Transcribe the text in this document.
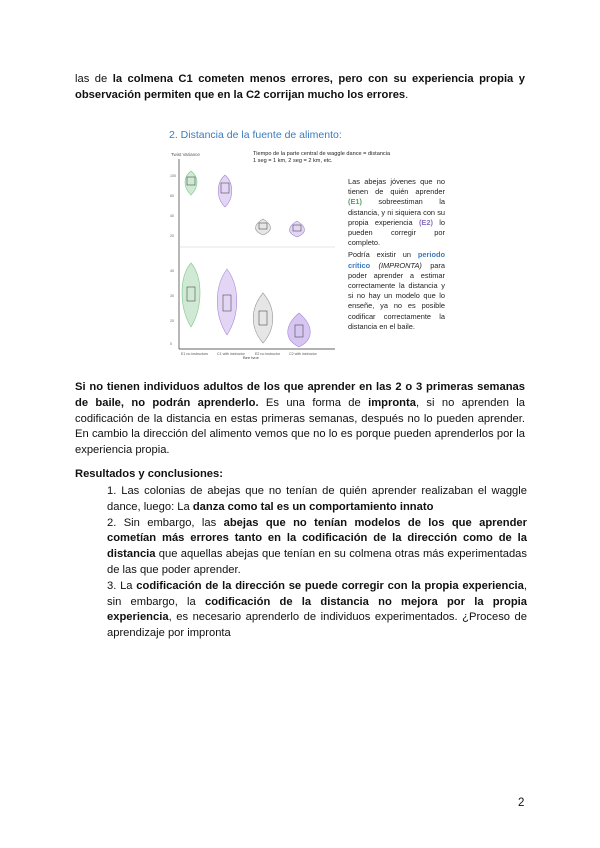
las de la colmena C1 cometen menos errores, pero con su experiencia propia y observación permiten que en la C2 corrijan mucho los errores.
2. Distancia de la fuente de alimento:
Tiempo de la parte central de waggle dance = distancia
1 seg = 1 km, 2 seg = 2 km, etc.
Twist Variance
100
60
40
20
40
30
20
0
E1 no instructors	C1 with instructor	E2 no instructor C2 with instructor
Bee type
Las abejas jóvenes que no tienen de quién aprender (E1) sobreestiman la distancia, y ni siquiera con su propia experiencia (E2) lo pueden corregir por completo.
Podría existir un periodo crítico (IMPRONTA) para poder aprender a estimar correctamente la distancia y si no hay un modelo que lo enseñe, ya no es posible codificar correctamente la distancia en el baile.
Si no tienen individuos adultos de los que aprender en las 2 o 3 primeras semanas de baile, no podrán aprenderlo. Es una forma de impronta, si no aprenden la codificación de la distancia en estas primeras semanas, después no lo pueden aprender. En cambio la dirección del alimento vemos que no lo es porque pueden aprenderlos por la experiencia propia.
Resultados y conclusiones:

1. Las colonias de abejas que no tenían de quién aprender realizaban el waggle dance, luego: La danza como tal es un comportamiento innato

2. Sin embargo, las abejas que no tenían modelos de los que aprender cometían más errores tanto en la codificación de la dirección como de la distancia que aquellas abejas que tenían en su colmena otras más experimentadas de las que poder aprender.

3. La codificación de la dirección se puede corregir con la propia experiencia, sin embargo, la codificación de la distancia no mejora por la propia experiencia, es necesario aprenderlo de individuos experimentados. ¿Proceso de aprendizaje por impronta

2
